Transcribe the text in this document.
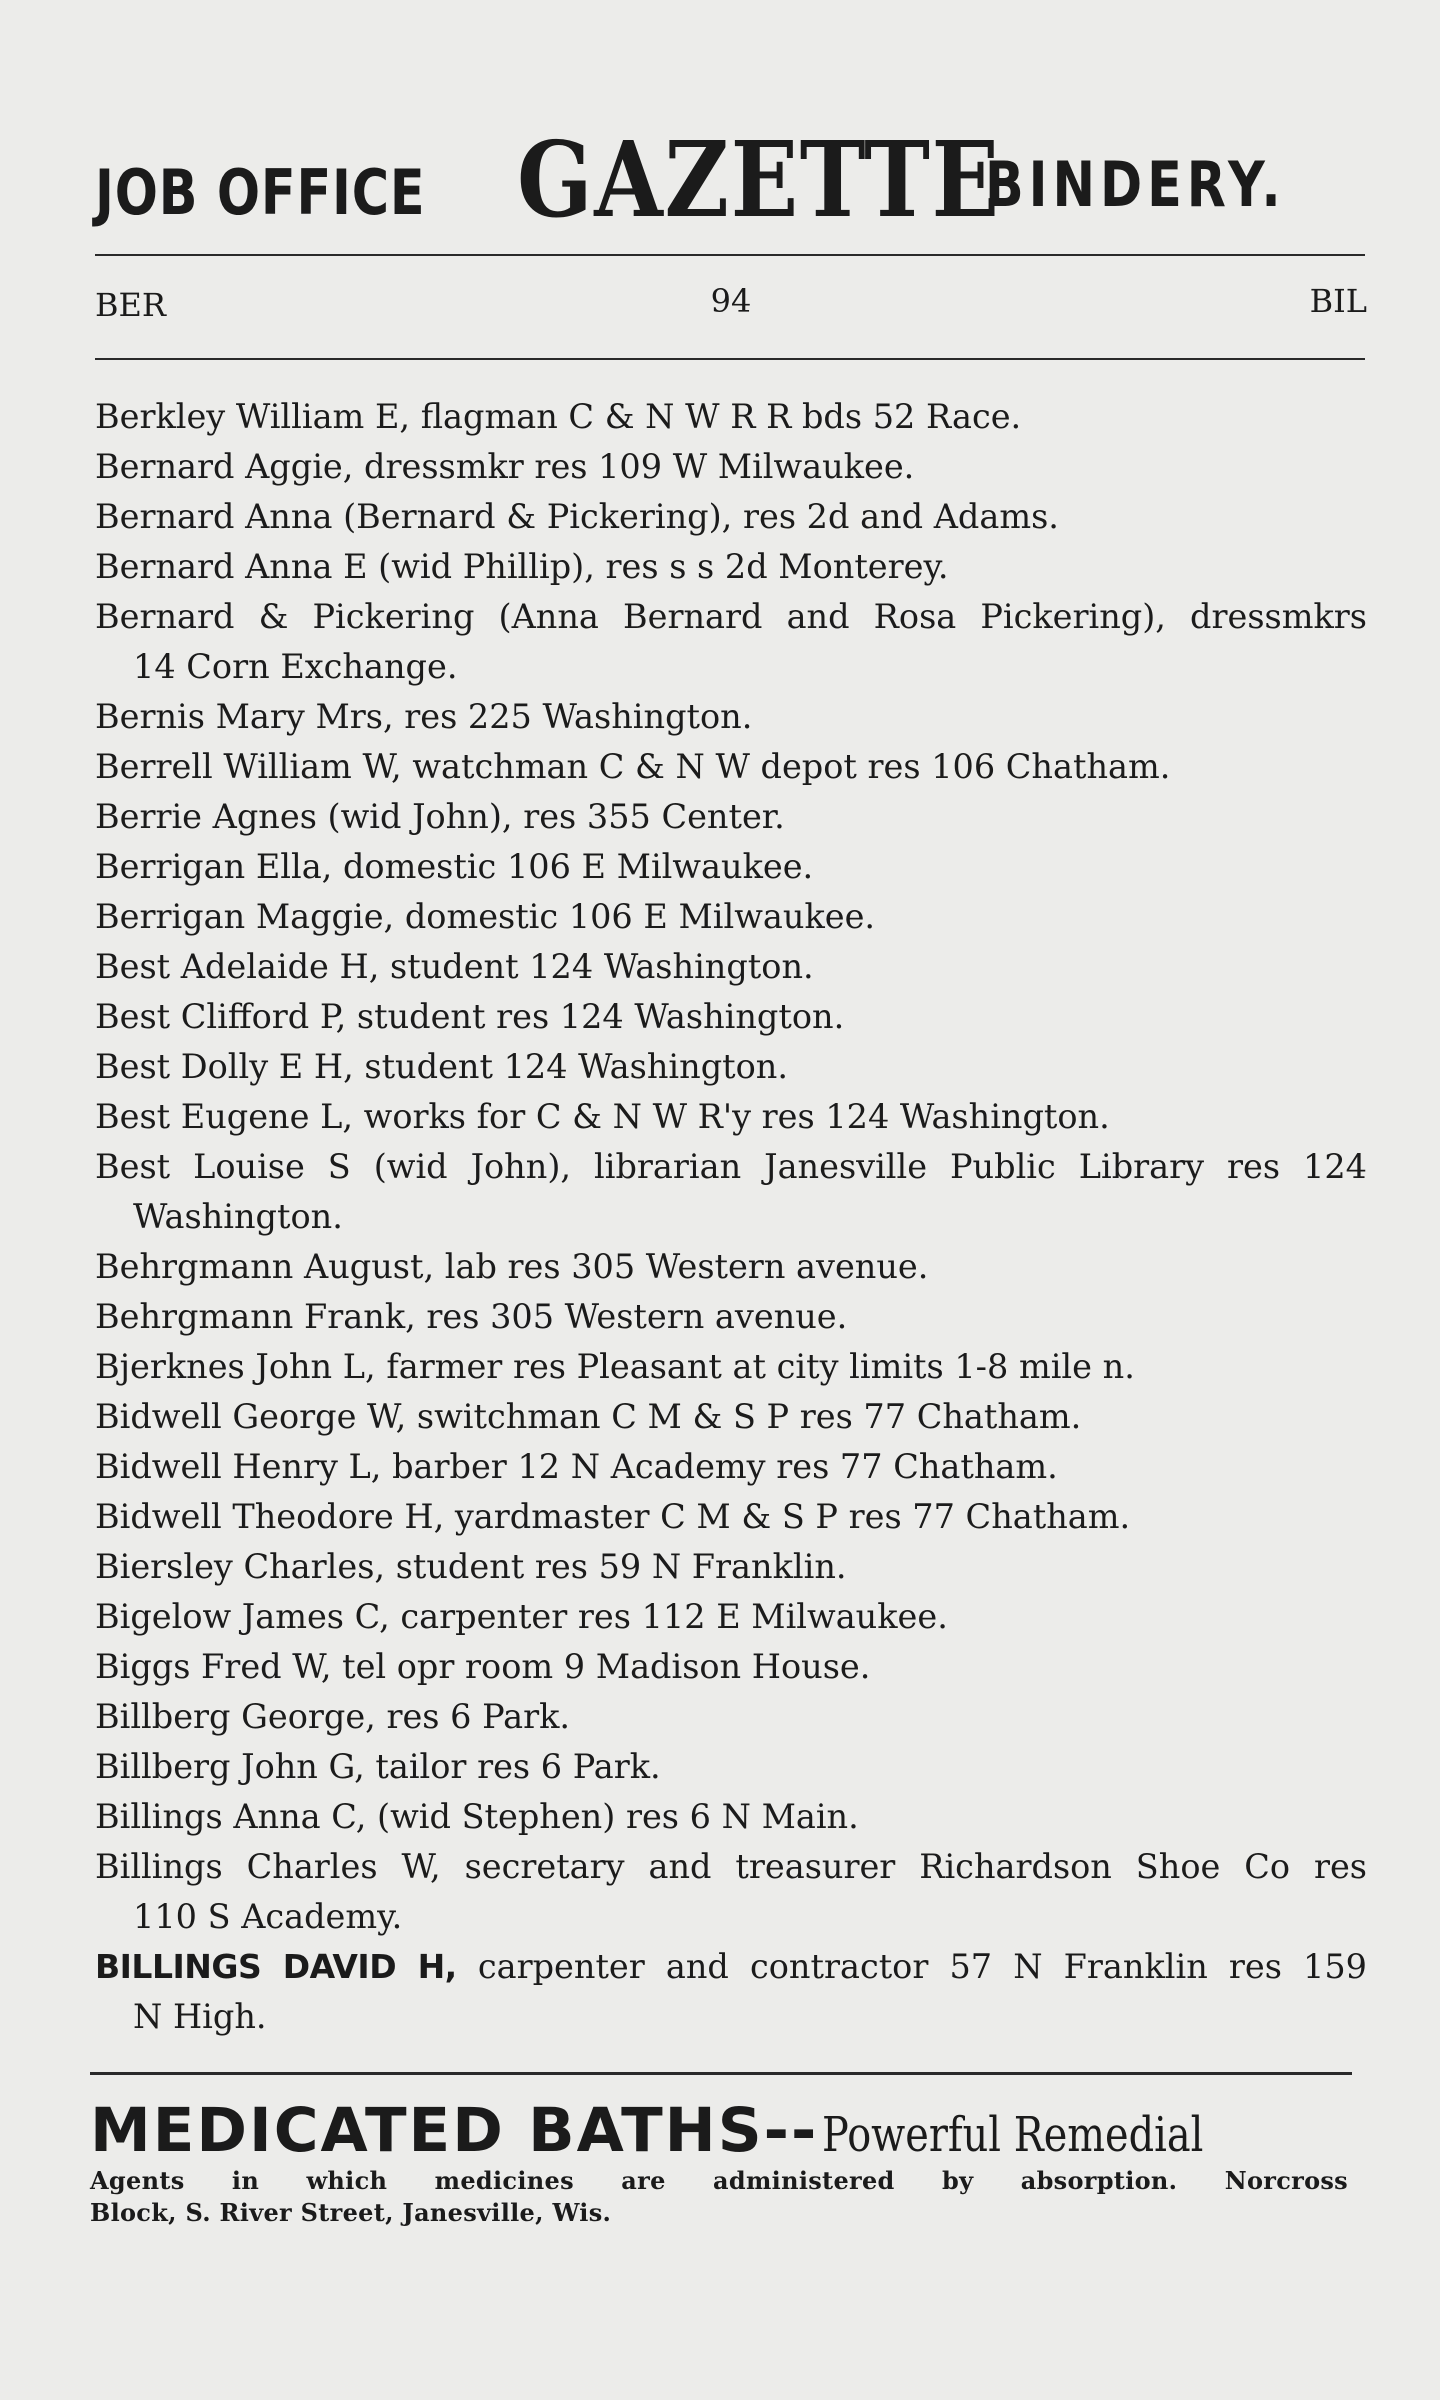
JOB OFFICE GAZETTE
BINDERY.
BER	94	BIL
Berkley William E, flagman C & N W R R bds 52 Race.
Bernard Aggie, dressmkr res 109 W Milwaukee.
Bernard Anna (Bernard & Pickering), res 2d and Adams.
Bernard Anna E (wid Phillip), res s s 2d Monterey.
Bernard & Pickering (Anna Bernard and Rosa Pickering), dressmkrs
14 Corn Exchange.
Bernis Mary Mrs, res 225 Washington.
Berrell William W, watchman C & N W depot res 106 Chatham.
Berrie Agnes (wid John), res 355 Center.
Berrigan Ella, domestic 106 E Milwaukee.
Berrigan Maggie, domestic 106 E Milwaukee.
Best Adelaide H, student 124 Washington.
Best Clifford P, student res 124 Washington.
Best Dolly E H, student 124 Washington.
Best Eugene L, works for C & N W R'y res 124 Washington.
Best Louise S (wid John), librarian Janesville Public Library res 124
Washington.
Behrgmann August, lab res 305 Western avenue.
Behrgmann Frank, res 305 Western avenue.
Bjerknes John L, farmer res Pleasant at city limits 1-8 mile n.
Bidwell George W, switchman C M & S P res 77 Chatham.
Bidwell Henry L, barber 12 N Academy res 77 Chatham.
Bidwell Theodore H, yardmaster C M & S P res 77 Chatham.
Biersley Charles, student res 59 N Franklin.
Bigelow James C, carpenter res 112 E Milwaukee.
Biggs Fred W, tel opr room 9 Madison House.
Billberg George, res 6 Park.
Billberg John G, tailor res 6 Park.
Billings Anna C, (wid Stephen) res 6 N Main.
Billings Charles W, secretary and treasurer Richardson Shoe Co res
110 S Academy.
BILLINGS DAVID H, carpenter and contractor 57 N Franklin res 159
N High.
MEDICATED BATHS--Powerful Remedial
Agents in which medicines are administered by absorption. Norcross
Block, S. River Street, Janesville, Wis.
